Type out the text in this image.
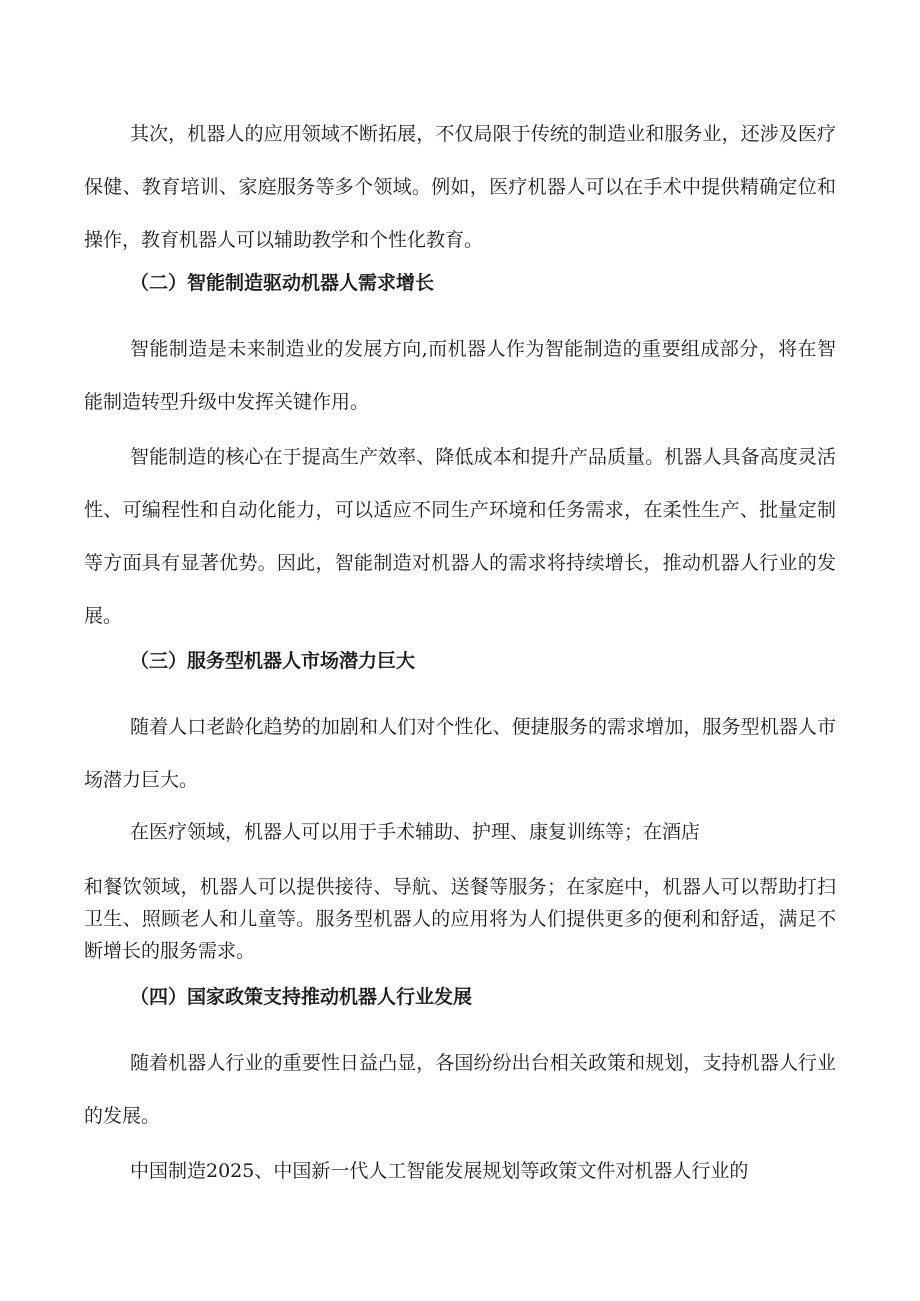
其次，机器人的应用领域不断拓展，不仅局限于传统的制造业和服务业，还涉及医疗保健、教育培训、家庭服务等多个领域。例如，医疗机器人可以在手术中提供精确定位和操作，教育机器人可以辅助教学和个性化教育。

（二）智能制造驱动机器人需求增长

智能制造是未来制造业的发展方向,而机器人作为智能制造的重要组成部分，将在智能制造转型升级中发挥关键作用。

智能制造的核心在于提高生产效率、降低成本和提升产品质量。机器人具备高度灵活性、可编程性和自动化能力，可以适应不同生产环境和任务需求，在柔性生产、批量定制等方面具有显著优势。因此，智能制造对机器人的需求将持续增长，推动机器人行业的发展。

（三）服务型机器人市场潜力巨大

随着人口老龄化趋势的加剧和人们对个性化、便捷服务的需求增加，服务型机器人市场潜力巨大。

在医疗领域，机器人可以用于手术辅助、护理、康复训练等；在酒店

和餐饮领域，机器人可以提供接待、导航、送餐等服务；在家庭中，机器人可以帮助打扫卫生、照顾老人和儿童等。服务型机器人的应用将为人们提供更多的便利和舒适，满足不断增长的服务需求。

（四）国家政策支持推动机器人行业发展

随着机器人行业的重要性日益凸显，各国纷纷出台相关政策和规划，支持机器人行业的发展。

中国制造2025、中国新一代人工智能发展规划等政策文件对机器人行业的
